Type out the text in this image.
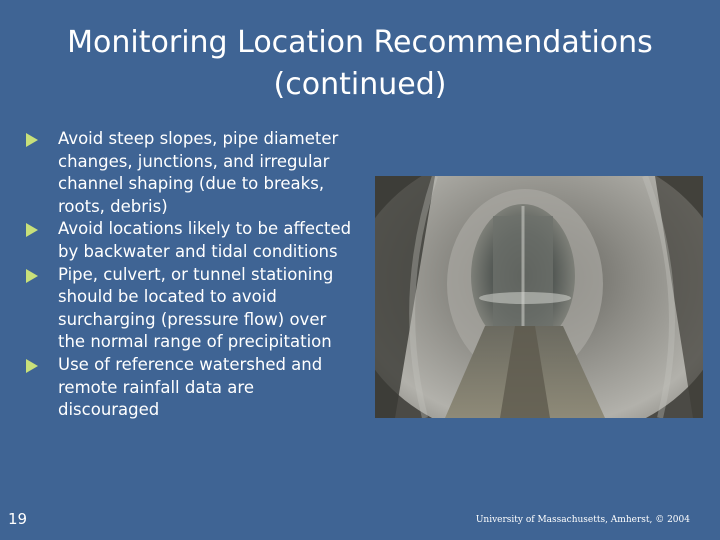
Monitoring Location Recommendations
(continued)
Avoid steep slopes, pipe diameter changes, junctions, and irregular channel shaping (due to breaks, roots, debris)
Avoid locations likely to be affected by backwater and tidal conditions
Pipe, culvert, or tunnel stationing should be located to avoid surcharging (pressure flow) over the normal range of precipitation
Use of reference watershed and remote rainfall data are discouraged
19	University of Massachusetts, Amherst, © 2004
